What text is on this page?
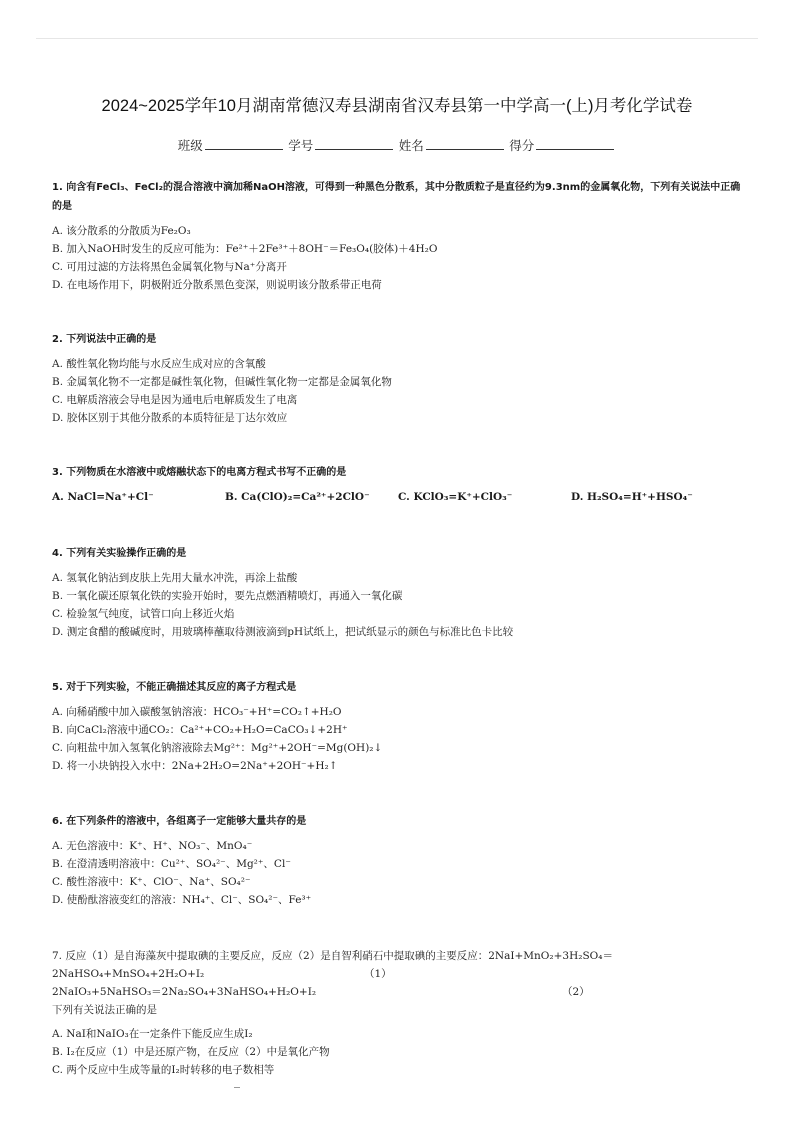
2024~2025学年10月湖南常德汉寿县湖南省汉寿县第一中学高一(上)月考化学试卷
班级	学号	姓名	得分
1. 向含有FeCl₃、FeCl₂的混合溶液中滴加稀NaOH溶液，可得到一种黑色分散系，其中分散质粒子是直径约为9.3nm的金属氧化物，下列有关说法中正确的是
A. 该分散系的分散质为Fe₂O₃
B. 加入NaOH时发生的反应可能为：Fe²⁺＋2Fe³⁺＋8OH⁻＝Fe₃O₄(胶体)＋4H₂O
C. 可用过滤的方法将黑色金属氧化物与Na⁺分离开
D. 在电场作用下，阴极附近分散系黑色变深，则说明该分散系带正电荷
2. 下列说法中正确的是
A. 酸性氧化物均能与水反应生成对应的含氧酸
B. 金属氧化物不一定都是碱性氧化物，但碱性氧化物一定都是金属氧化物
C. 电解质溶液会导电是因为通电后电解质发生了电离
D. 胶体区别于其他分散系的本质特征是丁达尔效应
3. 下列物质在水溶液中或熔融状态下的电离方程式书写不正确的是
A. NaCl=Na⁺+Cl⁻	B. Ca(ClO)₂=Ca²⁺+2ClO⁻	C. KClO₃=K⁺+ClO₃⁻	D. H₂SO₄=H⁺+HSO₄⁻
4. 下列有关实验操作正确的是
A. 氢氧化钠沾到皮肤上先用大量水冲洗，再涂上盐酸
B. 一氧化碳还原氧化铁的实验开始时，要先点燃酒精喷灯，再通入一氧化碳
C. 检验氢气纯度，试管口向上移近火焰
D. 测定食醋的酸碱度时，用玻璃棒蘸取待测液滴到pH试纸上，把试纸显示的颜色与标准比色卡比较
5. 对于下列实验，不能正确描述其反应的离子方程式是
A. 向稀硝酸中加入碳酸氢钠溶液：HCO₃⁻+H⁺=CO₂↑+H₂O
B. 向CaCl₂溶液中通CO₂：Ca²⁺+CO₂+H₂O=CaCO₃↓+2H⁺
C. 向粗盐中加入氢氧化钠溶液除去Mg²⁺：Mg²⁺+2OH⁻=Mg(OH)₂↓
D. 将一小块钠投入水中：2Na+2H₂O=2Na⁺+2OH⁻+H₂↑
6. 在下列条件的溶液中，各组离子一定能够大量共存的是
A. 无色溶液中：K⁺、H⁺、NO₃⁻、MnO₄⁻
B. 在澄清透明溶液中：Cu²⁺、SO₄²⁻、Mg²⁺、Cl⁻
C. 酸性溶液中：K⁺、ClO⁻、Na⁺、SO₄²⁻
D. 使酚酞溶液变红的溶液：NH₄⁺、Cl⁻、SO₄²⁻、Fe³⁺
7. 反应（1）是自海藻灰中提取碘的主要反应，反应（2）是自智利硝石中提取碘的主要反应：2NaI+MnO₂+3H₂SO₄＝
2NaHSO₄+MnSO₄+2H₂O+I₂	（1）
2NaIO₃+5NaHSO₃＝2Na₂SO₄+3NaHSO₄+H₂O+I₂	（2）
下列有关说法正确的是
A. NaI和NaIO₃在一定条件下能反应生成I₂
B. I₂在反应（1）中是还原产物，在反应（2）中是氧化产物
C. 两个反应中生成等量的I₂时转移的电子数相等
